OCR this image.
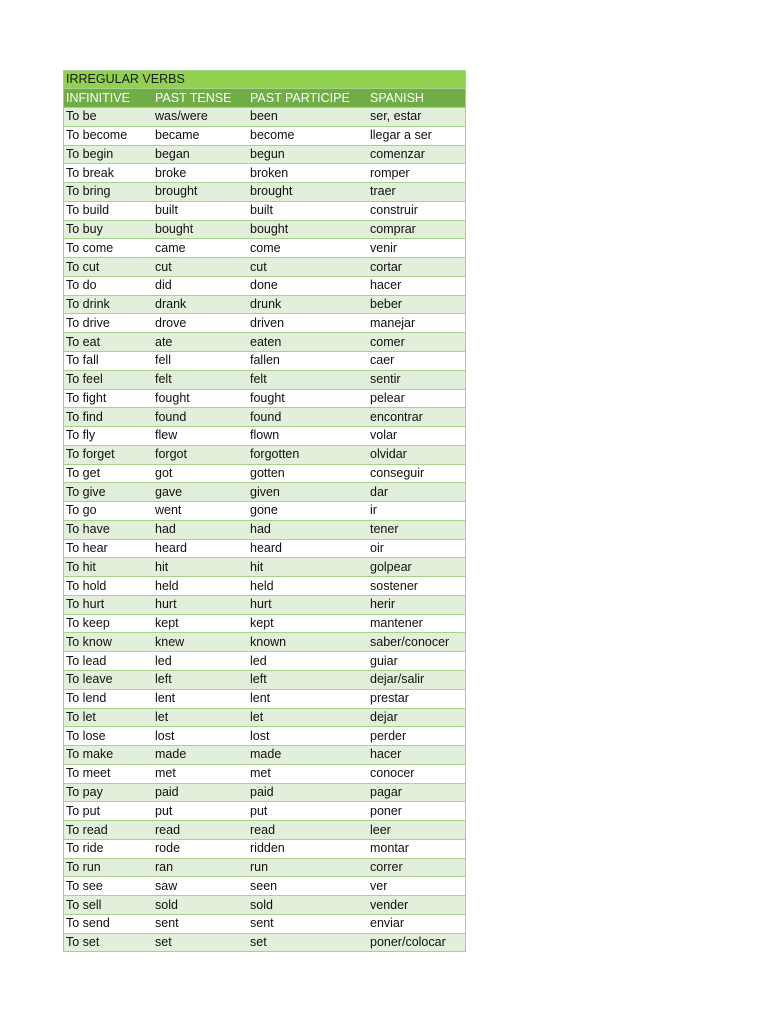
IRREGULAR VERBS			
INFINITIVE	PAST TENSE	PAST PARTICIPE	SPANISH
To be	was/were	been	ser, estar
To become	became	become	llegar a ser
To begin	began	begun	comenzar
To break	broke	broken	romper
To bring	brought	brought	traer
To build	built	built	construir
To buy	bought	bought	comprar
To come	came	come	venir
To cut	cut	cut	cortar
To do	did	done	hacer
To drink	drank	drunk	beber
To drive	drove	driven	manejar
To eat	ate	eaten	comer
To fall	fell	fallen	caer
To feel	felt	felt	sentir
To fight	fought	fought	pelear
To find	found	found	encontrar
To fly	flew	flown	volar
To forget	forgot	forgotten	olvidar
To get	got	gotten	conseguir
To give	gave	given	dar
To go	went	gone	ir
To have	had	had	tener
To hear	heard	heard	oir
To hit	hit	hit	golpear
To hold	held	held	sostener
To hurt	hurt	hurt	herir
To keep	kept	kept	mantener
To know	knew	known	saber/conocer
To lead	led	led	guiar
To leave	left	left	dejar/salir
To lend	lent	lent	prestar
To let	let	let	dejar
To lose	lost	lost	perder
To make	made	made	hacer
To meet	met	met	conocer
To pay	paid	paid	pagar
To put	put	put	poner
To read	read	read	leer
To ride	rode	ridden	montar
To run	ran	run	correr
To see	saw	seen	ver
To sell	sold	sold	vender
To send	sent	sent	enviar
To set	set	set	poner/colocar
